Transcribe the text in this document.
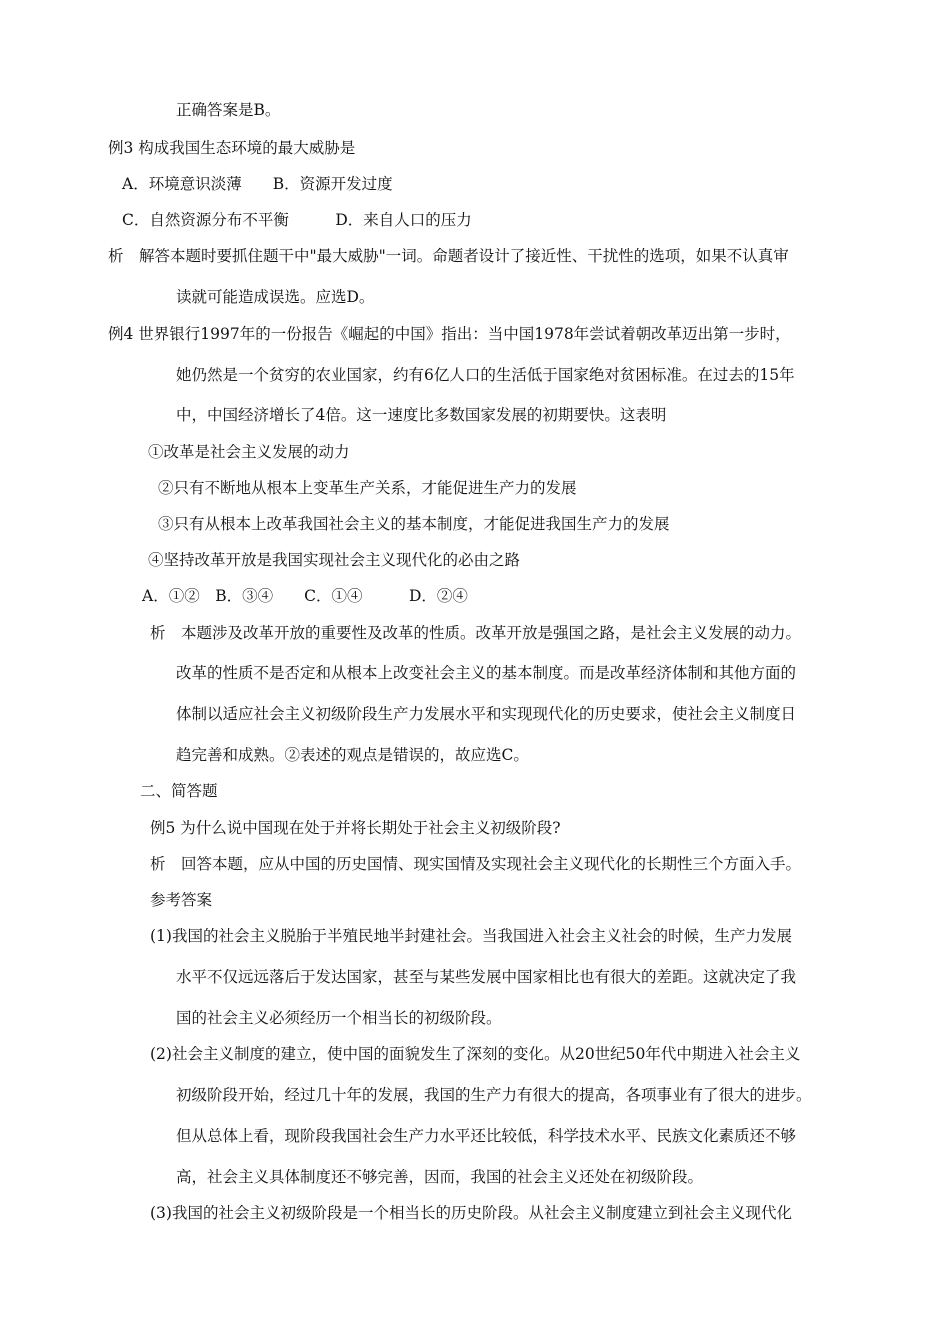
正确答案是B。
例3 构成我国生态环境的最大威胁是
A．环境意识淡薄　　B．资源开发过度
C．自然资源分布不平衡　　　D．来自人口的压力
析　解答本题时要抓住题干中"最大威胁"一词。命题者设计了接近性、干扰性的选项，如果不认真审
读就可能造成误选。应选D。
例4 世界银行1997年的一份报告《崛起的中国》指出：当中国1978年尝试着朝改革迈出第一步时，
她仍然是一个贫穷的农业国家，约有6亿人口的生活低于国家绝对贫困标准。在过去的15年
中，中国经济增长了4倍。这一速度比多数国家发展的初期要快。这表明
①改革是社会主义发展的动力
②只有不断地从根本上变革生产关系，才能促进生产力的发展
③只有从根本上改革我国社会主义的基本制度，才能促进我国生产力的发展
④坚持改革开放是我国实现社会主义现代化的必由之路
A．①②　B．③④　　C．①④　　　D．②④
析　本题涉及改革开放的重要性及改革的性质。改革开放是强国之路，是社会主义发展的动力。
改革的性质不是否定和从根本上改变社会主义的基本制度。而是改革经济体制和其他方面的
体制以适应社会主义初级阶段生产力发展水平和实现现代化的历史要求，使社会主义制度日
趋完善和成熟。②表述的观点是错误的，故应选C。
二、简答题
例5 为什么说中国现在处于并将长期处于社会主义初级阶段?
析　回答本题，应从中国的历史国情、现实国情及实现社会主义现代化的长期性三个方面入手。
参考答案
(1)我国的社会主义脱胎于半殖民地半封建社会。当我国进入社会主义社会的时候，生产力发展
水平不仅远远落后于发达国家，甚至与某些发展中国家相比也有很大的差距。这就决定了我
国的社会主义必须经历一个相当长的初级阶段。
(2)社会主义制度的建立，使中国的面貌发生了深刻的变化。从20世纪50年代中期进入社会主义
初级阶段开始，经过几十年的发展，我国的生产力有很大的提高，各项事业有了很大的进步。
但从总体上看，现阶段我国社会生产力水平还比较低，科学技术水平、民族文化素质还不够
高，社会主义具体制度还不够完善，因而，我国的社会主义还处在初级阶段。
(3)我国的社会主义初级阶段是一个相当长的历史阶段。从社会主义制度建立到社会主义现代化
